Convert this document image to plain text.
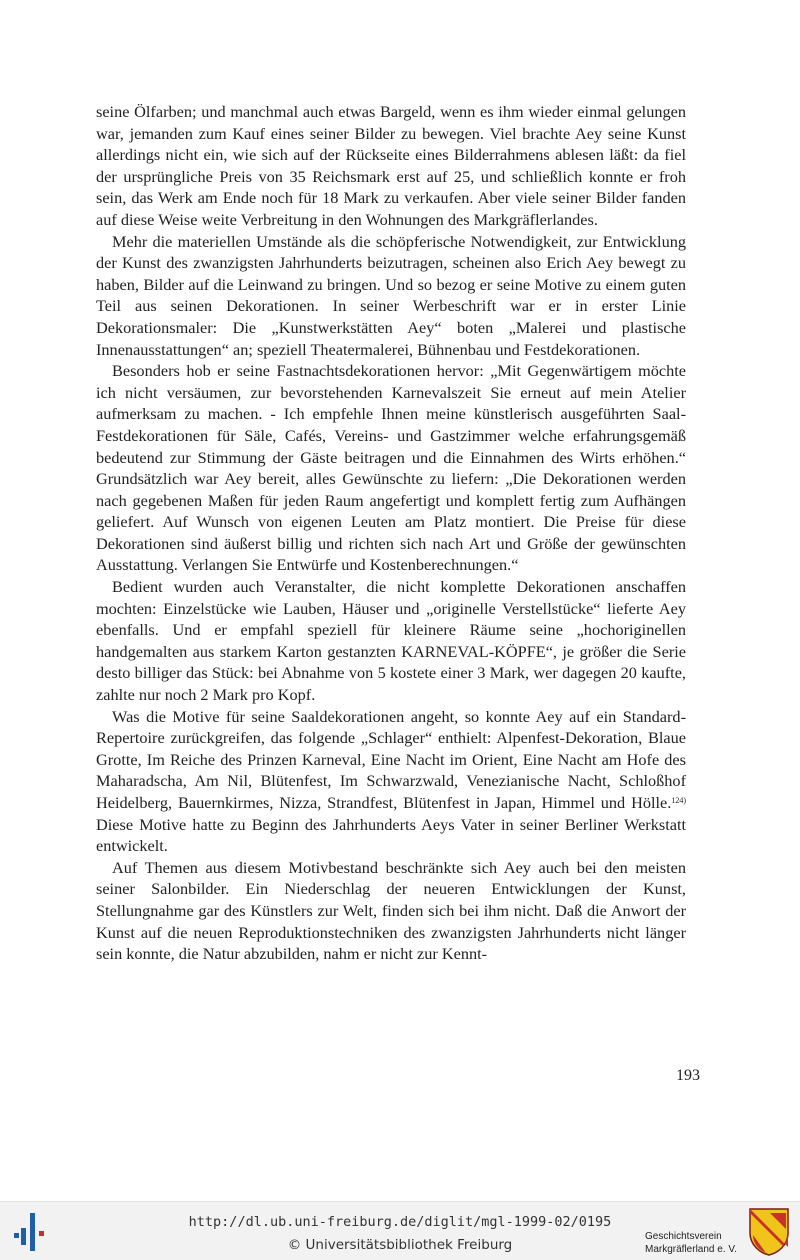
seine Ölfarben; und manchmal auch etwas Bargeld, wenn es ihm wieder einmal gelungen war, jemanden zum Kauf eines seiner Bilder zu bewegen. Viel brachte Aey seine Kunst allerdings nicht ein, wie sich auf der Rückseite eines Bilderrahmens ablesen läßt: da fiel der ursprüngliche Preis von 35 Reichsmark erst auf 25, und schließlich konnte er froh sein, das Werk am Ende noch für 18 Mark zu verkaufen. Aber viele seiner Bilder fanden auf diese Weise weite Verbreitung in den Wohnungen des Markgräflerlandes.

Mehr die materiellen Umstände als die schöpferische Notwendigkeit, zur Entwicklung der Kunst des zwanzigsten Jahrhunderts beizutragen, scheinen also Erich Aey bewegt zu haben, Bilder auf die Leinwand zu bringen. Und so bezog er seine Motive zu einem guten Teil aus seinen Dekorationen. In seiner Werbeschrift war er in erster Linie Dekorationsmaler: Die „Kunstwerkstätten Aey“ boten „Malerei und plastische Innenausstattungen“ an; speziell Theatermalerei, Bühnenbau und Festdekorationen.

Besonders hob er seine Fastnachtsdekorationen hervor: „Mit Gegenwärtigem möchte ich nicht versäumen, zur bevorstehenden Karnevalszeit Sie erneut auf mein Atelier aufmerksam zu machen. - Ich empfehle Ihnen meine künstlerisch ausgeführten Saal-Festdekorationen für Säle, Cafés, Vereins- und Gastzimmer welche erfahrungsgemäß bedeutend zur Stimmung der Gäste beitragen und die Einnahmen des Wirts erhöhen.“ Grundsätzlich war Aey bereit, alles Gewünschte zu liefern: „Die Dekorationen werden nach gegebenen Maßen für jeden Raum angefertigt und komplett fertig zum Aufhängen geliefert. Auf Wunsch von eigenen Leuten am Platz montiert. Die Preise für diese Dekorationen sind äußerst billig und richten sich nach Art und Größe der gewünschten Ausstattung. Verlangen Sie Entwürfe und Kostenberechnungen.“

Bedient wurden auch Veranstalter, die nicht komplette Dekorationen anschaffen mochten: Einzelstücke wie Lauben, Häuser und „originelle Verstellstücke“ lieferte Aey ebenfalls. Und er empfahl speziell für kleinere Räume seine „hochoriginellen handgemalten aus starkem Karton gestanzten KARNEVAL-KÖPFE“, je größer die Serie desto billiger das Stück: bei Abnahme von 5 kostete einer 3 Mark, wer dagegen 20 kaufte, zahlte nur noch 2 Mark pro Kopf.

Was die Motive für seine Saaldekorationen angeht, so konnte Aey auf ein Standard-Repertoire zurückgreifen, das folgende „Schlager“ enthielt: Alpenfest-Dekoration, Blaue Grotte, Im Reiche des Prinzen Karneval, Eine Nacht im Orient, Eine Nacht am Hofe des Maharadscha, Am Nil, Blütenfest, Im Schwarzwald, Venezianische Nacht, Schloßhof Heidelberg, Bauernkirmes, Nizza, Strandfest, Blütenfest in Japan, Himmel und Hölle.$^{124)}$ Diese Motive hatte zu Beginn des Jahrhunderts Aeys Vater in seiner Berliner Werkstatt entwickelt.

Auf Themen aus diesem Motivbestand beschränkte sich Aey auch bei den meisten seiner Salonbilder. Ein Niederschlag der neueren Entwicklungen der Kunst, Stellungnahme gar des Künstlers zur Welt, finden sich bei ihm nicht. Daß die Anwort der Kunst auf die neuen Reproduktionstechniken des zwanzigsten Jahrhunderts nicht länger sein konnte, die Natur abzubilden, nahm er nicht zur Kennt-

193
http://dl.ub.uni-freiburg.de/diglit/mgl-1999-02/0195
© Universitätsbibliothek Freiburg
Geschichtsverein
Markgräflerland e. V.
